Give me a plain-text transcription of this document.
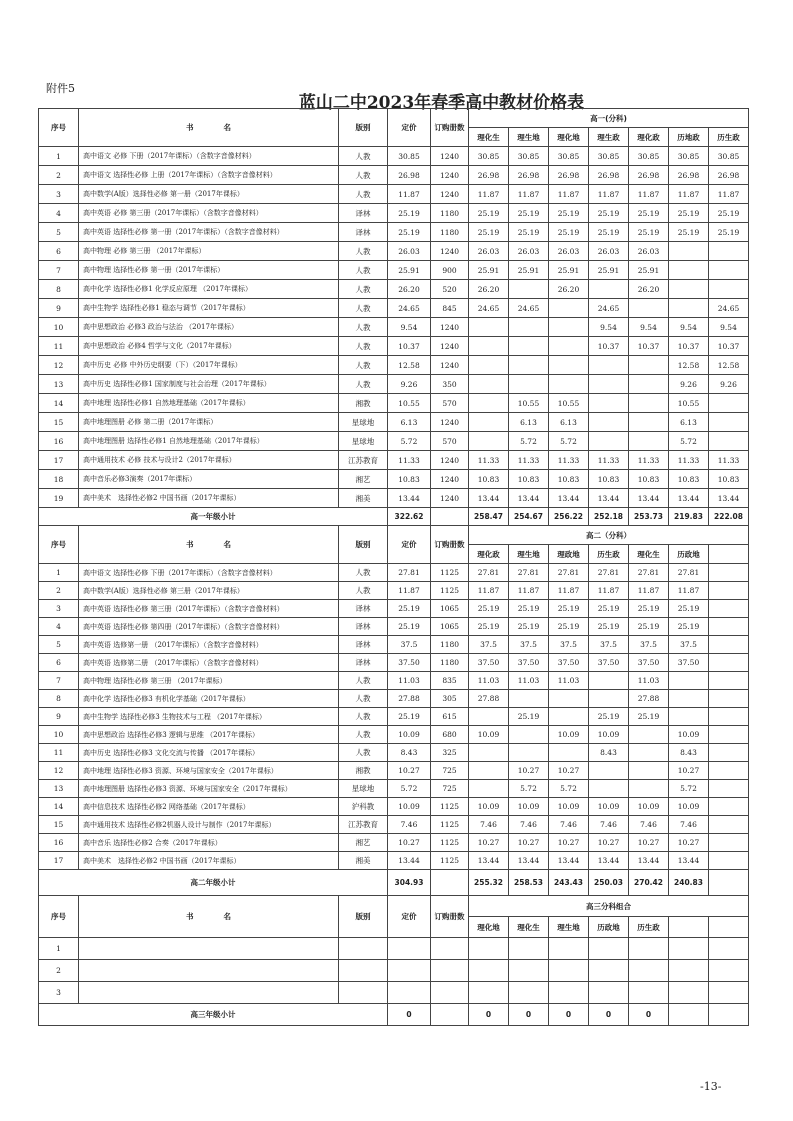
附件5
蓝山二中2023年春季高中教材价格表
序号	书　　　　名	版别	定价	订购册数	高一(分科)						
					理化生	理生地	理化地	理生政	理化政	历地政	历生政
1	高中语文 必修 下册（2017年课标）（含数字音像材料）	人教	30.85	1240	30.85	30.85	30.85	30.85	30.85	30.85	30.85
2	高中语文 选择性必修 上册（2017年课标）（含数字音像材料）	人教	26.98	1240	26.98	26.98	26.98	26.98	26.98	26.98	26.98
3	高中数学(A版）选择性必修 第一册（2017年课标）	人教	11.87	1240	11.87	11.87	11.87	11.87	11.87	11.87	11.87
4	高中英语 必修 第三册（2017年课标）（含数字音像材料）	译林	25.19	1180	25.19	25.19	25.19	25.19	25.19	25.19	25.19
5	高中英语 选择性必修 第一册（2017年课标）（含数字音像材料）	译林	25.19	1180	25.19	25.19	25.19	25.19	25.19	25.19	25.19
6	高中物理 必修 第三册 （2017年课标）	人教	26.03	1240	26.03	26.03	26.03	26.03	26.03		
7	高中物理 选择性必修 第一册（2017年课标）	人教	25.91	900	25.91	25.91	25.91	25.91	25.91		
8	高中化学 选择性必修1 化学反应原理 （2017年课标）	人教	26.20	520	26.20		26.20		26.20		
9	高中生物学 选择性必修1 稳态与调节（2017年课标）	人教	24.65	845	24.65	24.65		24.65			24.65
10	高中思想政治 必修3 政治与法治 （2017年课标）	人教	9.54	1240				9.54	9.54	9.54	9.54
11	高中思想政治 必修4 哲学与文化（2017年课标）	人教	10.37	1240				10.37	10.37	10.37	10.37
12	高中历史 必修 中外历史纲要（下）（2017年课标）	人教	12.58	1240						12.58	12.58
13	高中历史 选择性必修1 国家制度与社会治理（2017年课标）	人教	9.26	350						9.26	9.26
14	高中地理 选择性必修1 自然地理基础（2017年课标）	湘教	10.55	570		10.55	10.55			10.55	
15	高中地理图册 必修 第二册（2017年课标）	星球地	6.13	1240		6.13	6.13			6.13	
16	高中地理图册 选择性必修1 自然地理基础（2017年课标）	星球地	5.72	570		5.72	5.72			5.72	
17	高中通用技术 必修 技术与设计2（2017年课标）	江苏教育	11.33	1240	11.33	11.33	11.33	11.33	11.33	11.33	11.33
18	高中音乐必修3演奏（2017年课标）	湘艺	10.83	1240	10.83	10.83	10.83	10.83	10.83	10.83	10.83
19	高中美术　选择性必修2 中国书画（2017年课标）	湘美	13.44	1240	13.44	13.44	13.44	13.44	13.44	13.44	13.44
高一年级小计			322.62		258.47	254.67	256.22	252.18	253.73	219.83	222.08
序号	书　　　　名	版别	定价	订购册数	高二（分科）						
					理化政	理生地	理政地	历生政	理化生	历政地	
1	高中语文 选择性必修 下册（2017年课标）（含数字音像材料）	人教	27.81	1125	27.81	27.81	27.81	27.81	27.81	27.81	
2	高中数学(A版）选择性必修 第三册（2017年课标）	人教	11.87	1125	11.87	11.87	11.87	11.87	11.87	11.87	
3	高中英语 选择性必修 第三册（2017年课标）（含数字音像材料）	译林	25.19	1065	25.19	25.19	25.19	25.19	25.19	25.19	
4	高中英语 选择性必修 第四册（2017年课标）（含数字音像材料）	译林	25.19	1065	25.19	25.19	25.19	25.19	25.19	25.19	
5	高中英语 选修第一册 （2017年课标）（含数字音像材料）	译林	37.5	1180	37.5	37.5	37.5	37.5	37.5	37.5	
6	高中英语 选修第二册 （2017年课标）（含数字音像材料）	译林	37.50	1180	37.50	37.50	37.50	37.50	37.50	37.50	
7	高中物理 选择性必修 第三册 （2017年课标）	人教	11.03	835	11.03	11.03	11.03		11.03		
8	高中化学 选择性必修3 有机化学基础（2017年课标）	人教	27.88	305	27.88				27.88		
9	高中生物学 选择性必修3 生物技术与工程 （2017年课标）	人教	25.19	615		25.19		25.19	25.19		
10	高中思想政治 选择性必修3 逻辑与思维 （2017年课标）	人教	10.09	680	10.09		10.09	10.09		10.09	
11	高中历史 选择性必修3 文化交流与传播 （2017年课标）	人教	8.43	325				8.43		8.43	
12	高中地理 选择性必修3 资源、环境与国家安全（2017年课标）	湘教	10.27	725		10.27	10.27			10.27	
13	高中地理图册 选择性必修3 资源、环境与国家安全（2017年课标）	星球地	5.72	725		5.72	5.72			5.72	
14	高中信息技术 选择性必修2 网络基础（2017年课标）	沪科教	10.09	1125	10.09	10.09	10.09	10.09	10.09	10.09	
15	高中通用技术 选择性必修2机器人设计与制作（2017年课标）	江苏教育	7.46	1125	7.46	7.46	7.46	7.46	7.46	7.46	
16	高中音乐 选择性必修2 合奏（2017年课标）	湘艺	10.27	1125	10.27	10.27	10.27	10.27	10.27	10.27	
17	高中美术　选择性必修2 中国书画（2017年课标）	湘美	13.44	1125	13.44	13.44	13.44	13.44	13.44	13.44	
高二年级小计			304.93		255.32	258.53	243.43	250.03	270.42	240.83	
序号	书　　　　名	版别	定价	订购册数	高三分科组合						
					理化地	理化生	理生地	历政地	历生政		
1											
2											
3											
高三年级小计			0		0	0	0	0	0		
-13-
